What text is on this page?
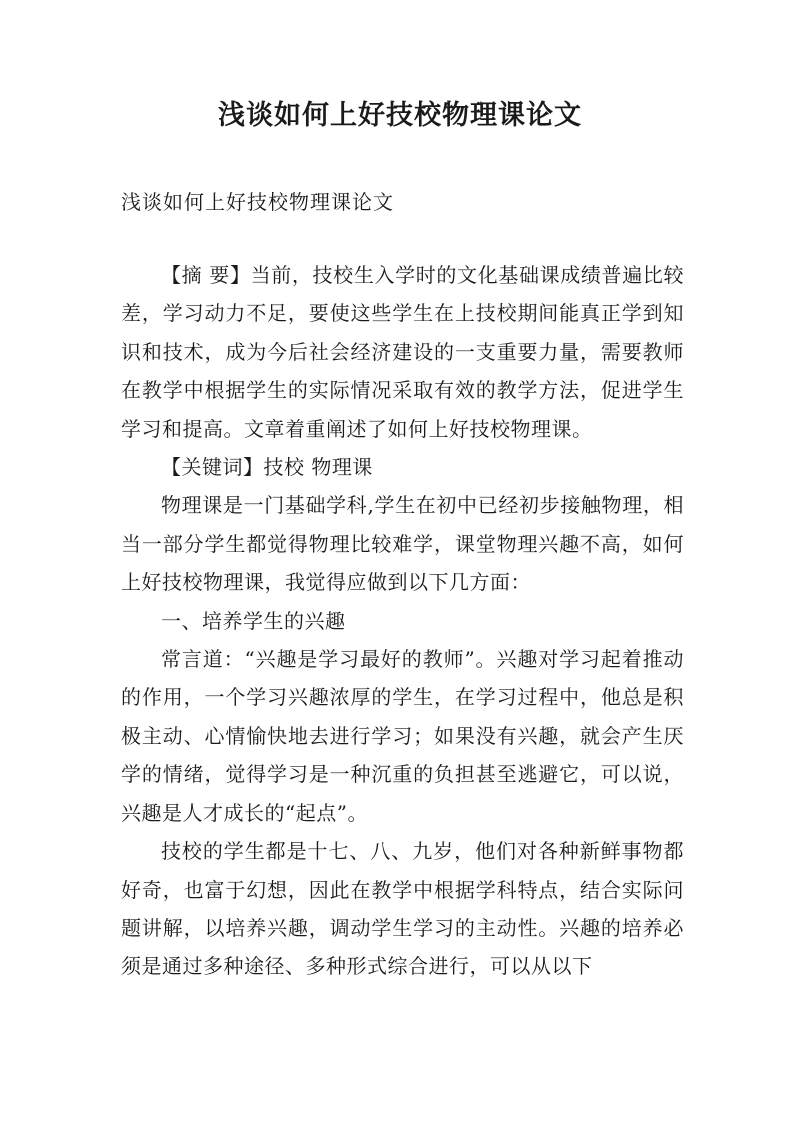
浅谈如何上好技校物理课论文
浅谈如何上好技校物理课论文

【摘 要】当前，技校生入学时的文化基础课成绩普遍比较差，学习动力不足，要使这些学生在上技校期间能真正学到知识和技术，成为今后社会经济建设的一支重要力量，需要教师在教学中根据学生的实际情况采取有效的教学方法，促进学生学习和提高。文章着重阐述了如何上好技校物理课。

【关键词】技校 物理课

物理课是一门基础学科,学生在初中已经初步接触物理，相当一部分学生都觉得物理比较难学，课堂物理兴趣不高，如何上好技校物理课，我觉得应做到以下几方面：

一、培养学生的兴趣

常言道：“兴趣是学习最好的教师”。兴趣对学习起着推动的作用，一个学习兴趣浓厚的学生，在学习过程中，他总是积极主动、心情愉快地去进行学习；如果没有兴趣，就会产生厌学的情绪，觉得学习是一种沉重的负担甚至逃避它，可以说，兴趣是人才成长的“起点”。

技校的学生都是十七、八、九岁，他们对各种新鲜事物都好奇，也富于幻想，因此在教学中根据学科特点，结合实际问题讲解，以培养兴趣，调动学生学习的主动性。兴趣的培养必须是通过多种途径、多种形式综合进行，可以从以下
